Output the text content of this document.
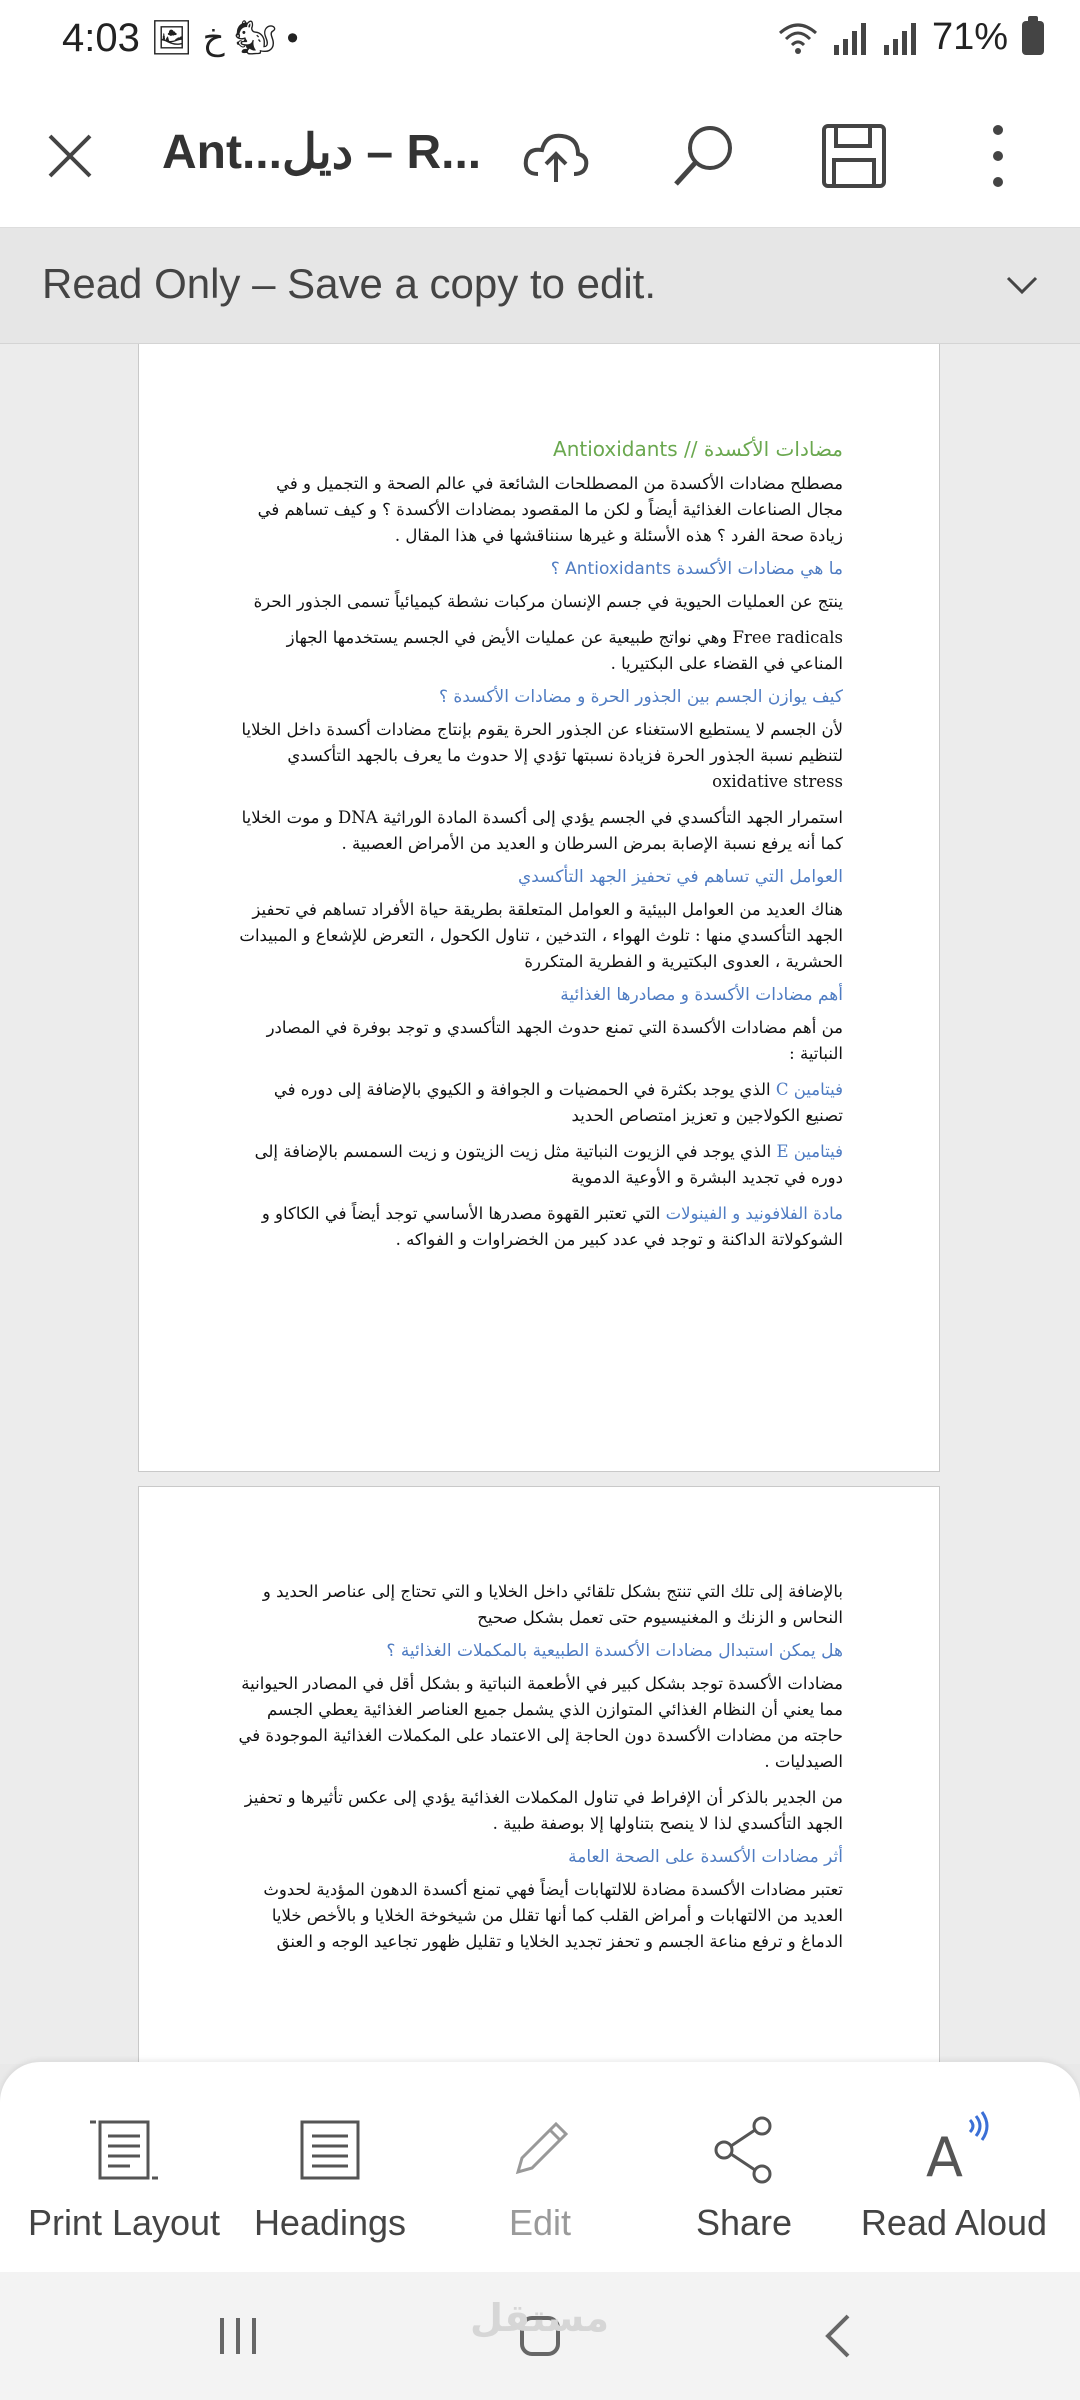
4:03 🖼 خ 🐿 •	71%
Ant...ديل – R...
Read Only – Save a copy to edit.
مضادات الأكسدة // Antioxidants

مصطلح مضادات الأكسدة من المصطلحات الشائعة في عالم الصحة و التجميل و في مجال الصناعات الغذائية أيضاً و لكن ما المقصود بمضادات الأكسدة ؟ و كيف تساهم في زيادة صحة الفرد ؟ هذه الأسئلة و غيرها سنناقشها في هذا المقال .

ما هي مضادات الأكسدة Antioxidants ؟

ينتج عن العمليات الحيوية في جسم الإنسان مركبات نشطة كيميائياً تسمى الجذور الحرة

Free radicals وهي نواتج طبيعية عن عمليات الأيض في الجسم يستخدمها الجهاز المناعي في القضاء على البكتيريا .

كيف يوازن الجسم بين الجذور الحرة و مضادات الأكسدة ؟

لأن الجسم لا يستطيع الاستغناء عن الجذور الحرة يقوم بإنتاج مضادات أكسدة داخل الخلايا لتنظيم نسبة الجذور الحرة فزيادة نسبتها تؤدي إلا حدوث ما يعرف بالجهد التأكسدي oxidative stress

استمرار الجهد التأكسدي في الجسم يؤدي إلى أكسدة المادة الوراثية DNA و موت الخلايا كما أنه يرفع نسبة الإصابة بمرض السرطان و العديد من الأمراض العصبية .

العوامل التي تساهم في تحفيز الجهد التأكسدي

هناك العديد من العوامل البيئية و العوامل المتعلقة بطريقة حياة الأفراد تساهم في تحفيز الجهد التأكسدي منها : تلوث الهواء ، التدخين ، تناول الكحول ، التعرض للإشعاع و المبيدات الحشرية ، العدوى البكتيرية و الفطرية المتكررة

أهم مضادات الأكسدة و مصادرها الغذائية

من أهم مضادات الأكسدة التي تمنع حدوث الجهد التأكسدي و توجد بوفرة في المصادر النباتية :

فيتامين C الذي يوجد بكثرة في الحمضيات و الجوافة و الكيوي بالإضافة إلى دوره في تصنيع الكولاجين و تعزيز امتصاص الحديد

فيتامين E الذي يوجد في الزيوت النباتية مثل زيت الزيتون و زيت السمسم بالإضافة إلى دوره في تجديد البشرة و الأوعية الدموية

مادة الفلافونيد و الفينولات التي تعتبر القهوة مصدرها الأساسي توجد أيضاً في الكاكاو و الشوكولاتة الداكنة و توجد في عدد كبير من الخضراوات و الفواكه .

بالإضافة إلى تلك التي تنتج بشكل تلقائي داخل الخلايا و التي تحتاج إلى عناصر الحديد و النحاس و الزنك و المغنيسيوم حتى تعمل بشكل صحيح

هل يمكن استبدال مضادات الأكسدة الطبيعية بالمكملات الغذائية ؟

مضادات الأكسدة توجد بشكل كبير في الأطعمة النباتية و بشكل أقل في المصادر الحيوانية مما يعني أن النظام الغذائي المتوازن الذي يشمل جميع العناصر الغذائية يعطي الجسم حاجته من مضادات الأكسدة دون الحاجة إلى الاعتماد على المكملات الغذائية الموجودة في الصيدليات .

من الجدير بالذكر أن الإفراط في تناول المكملات الغذائية يؤدي إلى عكس تأثيرها و تحفيز الجهد التأكسدي لذا لا ينصح بتناولها إلا بوصفة طبية .

أثر مضادات الأكسدة على الصحة العامة

تعتبر مضادات الأكسدة مضادة للالتهابات أيضاً فهي تمنع أكسدة الدهون المؤدية لحدوث العديد من الالتهابات و أمراض القلب كما أنها تقلل من شيخوخة الخلايا و بالأخص خلايا الدماغ و ترفع مناعة الجسم و تحفز تجديد الخلايا و تقليل ظهور تجاعيد الوجه و العنق

Print Layout Headings	Edit	Share
A
Read Aloud
مستقل
